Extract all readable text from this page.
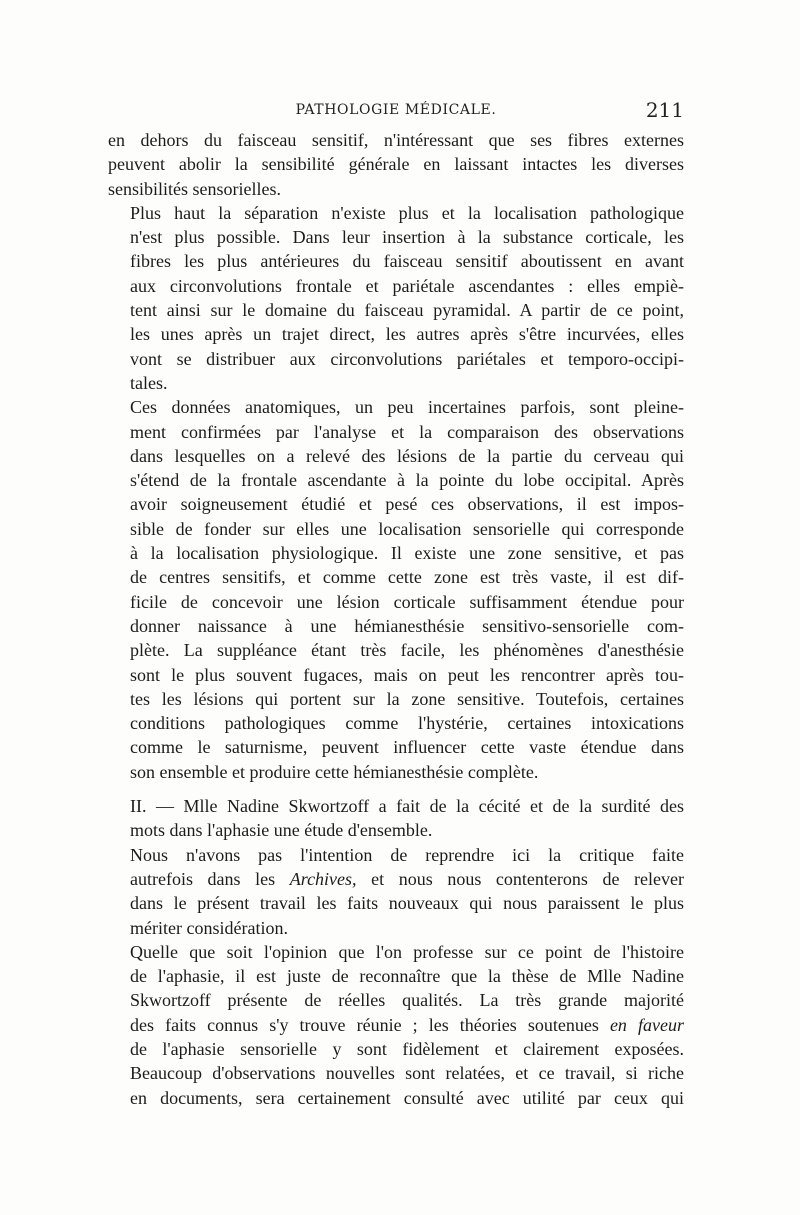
PATHOLOGIE MÉDICALE.	211

en dehors du faisceau sensitif, n'intéressant que ses fibres externes
peuvent abolir la sensibilité générale en laissant intactes les diverses
sensibilités sensorielles.

Plus haut la séparation n'existe plus et la localisation pathologique
n'est plus possible. Dans leur insertion à la substance corticale, les
fibres les plus antérieures du faisceau sensitif aboutissent en avant
aux circonvolutions frontale et pariétale ascendantes : elles empiè-
tent ainsi sur le domaine du faisceau pyramidal. A partir de ce point,
les unes après un trajet direct, les autres après s'être incurvées, elles
vont se distribuer aux circonvolutions pariétales et temporo-occipi-
tales.

Ces données anatomiques, un peu incertaines parfois, sont pleine-
ment confirmées par l'analyse et la comparaison des observations
dans lesquelles on a relevé des lésions de la partie du cerveau qui
s'étend de la frontale ascendante à la pointe du lobe occipital. Après
avoir soigneusement étudié et pesé ces observations, il est impos-
sible de fonder sur elles une localisation sensorielle qui corresponde
à la localisation physiologique. Il existe une zone sensitive, et pas
de centres sensitifs, et comme cette zone est très vaste, il est dif-
ficile de concevoir une lésion corticale suffisamment étendue pour
donner naissance à une hémianesthésie sensitivo-sensorielle com-
plète. La suppléance étant très facile, les phénomènes d'anesthésie
sont le plus souvent fugaces, mais on peut les rencontrer après tou-
tes les lésions qui portent sur la zone sensitive. Toutefois, certaines
conditions pathologiques comme l'hystérie, certaines intoxications
comme le saturnisme, peuvent influencer cette vaste étendue dans
son ensemble et produire cette hémianesthésie complète.

II. — Mlle Nadine Skwortzoff a fait de la cécité et de la surdité des
mots dans l'aphasie une étude d'ensemble.

Nous n'avons pas l'intention de reprendre ici la critique faite
autrefois dans les Archives, et nous nous contenterons de relever
dans le présent travail les faits nouveaux qui nous paraissent le plus
mériter considération.

Quelle que soit l'opinion que l'on professe sur ce point de l'histoire
de l'aphasie, il est juste de reconnaître que la thèse de Mlle Nadine
Skwortzoff présente de réelles qualités. La très grande majorité
des faits connus s'y trouve réunie ; les théories soutenues en faveur
de l'aphasie sensorielle y sont fidèlement et clairement exposées.
Beaucoup d'observations nouvelles sont relatées, et ce travail, si riche
en documents, sera certainement consulté avec utilité par ceux qui
